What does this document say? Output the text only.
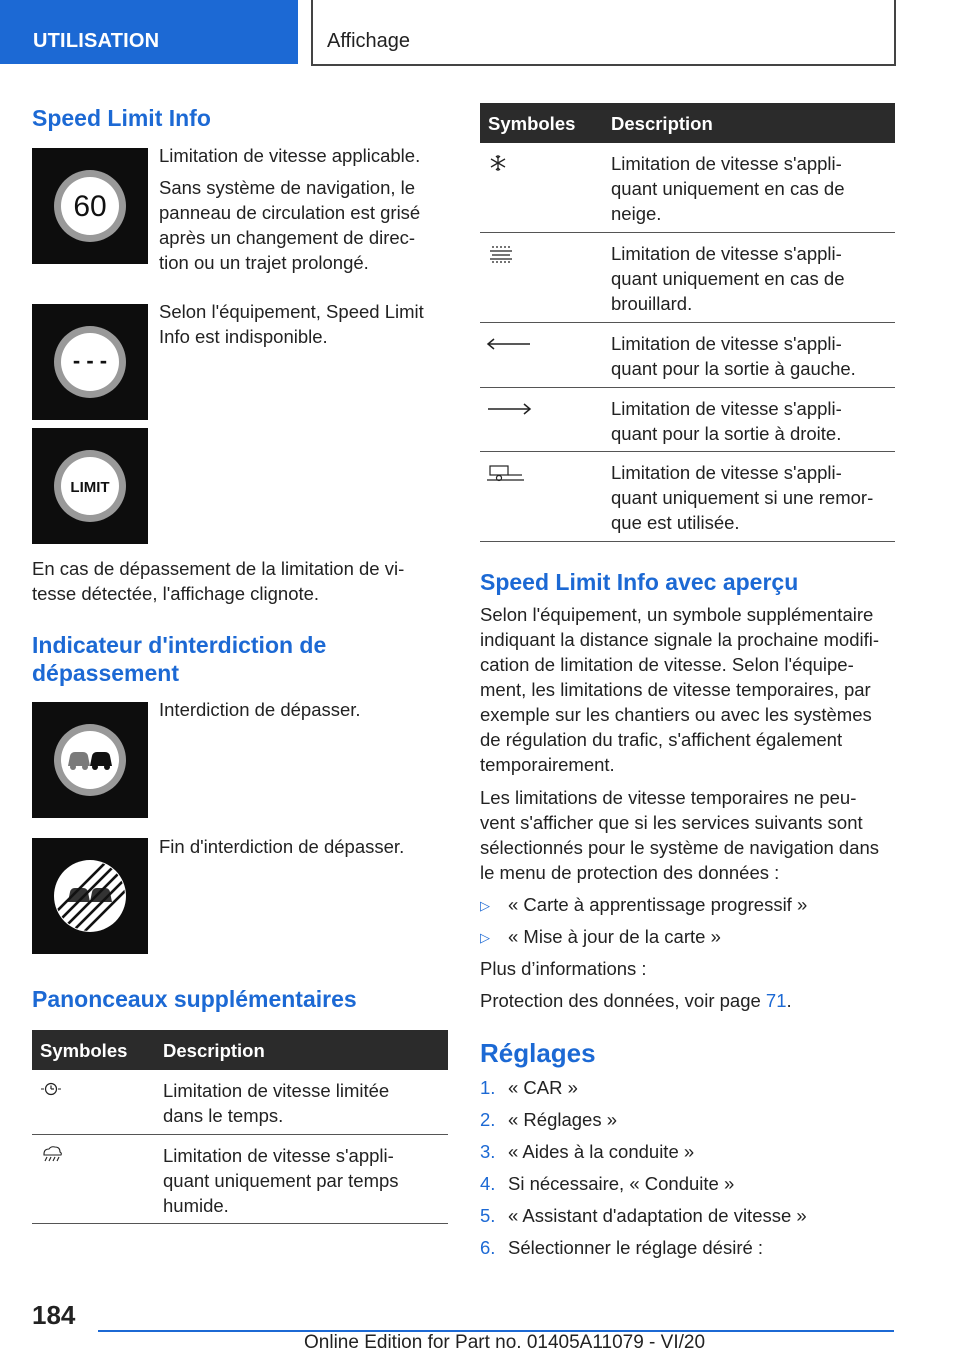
UTILISATION	Affichage
Speed Limit Info
60
Limitation de vitesse applicable.
Sans système de navigation, le
panneau de circulation est grisé
après un changement de direc-
tion ou un trajet prolongé.
- - -
Selon l'équipement, Speed Limit
Info est indisponible.
LIMIT
En cas de dépassement de la limitation de vi-
tesse détectée, l'affichage clignote.
Indicateur d'interdiction de
dépassement
Interdiction de dépasser.
Fin d'interdiction de dépasser.
Panonceaux supplémentaires
Symboles Description
Limitation de vitesse limitée
dans le temps.
Limitation de vitesse s'appli-
quant uniquement par temps
humide.
Symboles Description
Limitation de vitesse s'appli-
quant uniquement en cas de
neige.
Limitation de vitesse s'appli-
quant uniquement en cas de
brouillard.
Limitation de vitesse s'appli-
quant pour la sortie à gauche.
Limitation de vitesse s'appli-
quant pour la sortie à droite.
Limitation de vitesse s'appli-
quant uniquement si une remor-
que est utilisée.
Speed Limit Info avec aperçu
Selon l'équipement, un symbole supplémentaire
indiquant la distance signale la prochaine modifi-
cation de limitation de vitesse. Selon l'équipe-
ment, les limitations de vitesse temporaires, par
exemple sur les chantiers ou avec les systèmes
de régulation du trafic, s'affichent également
temporairement.
Les limitations de vitesse temporaires ne peu-
vent s'afficher que si les services suivants sont
sélectionnés pour le système de navigation dans
le menu de protection des données :
▷ « Carte à apprentissage progressif »
▷ « Mise à jour de la carte »
Plus d’informations :
Protection des données, voir page 71.
Réglages
1. « CAR »
2. « Réglages »
3. « Aides à la conduite »
4. Si nécessaire, « Conduite »
5. « Assistant d'adaptation de vitesse »
6. Sélectionner le réglage désiré :
184
Online Edition for Part no. 01405A11079 - VI/20
